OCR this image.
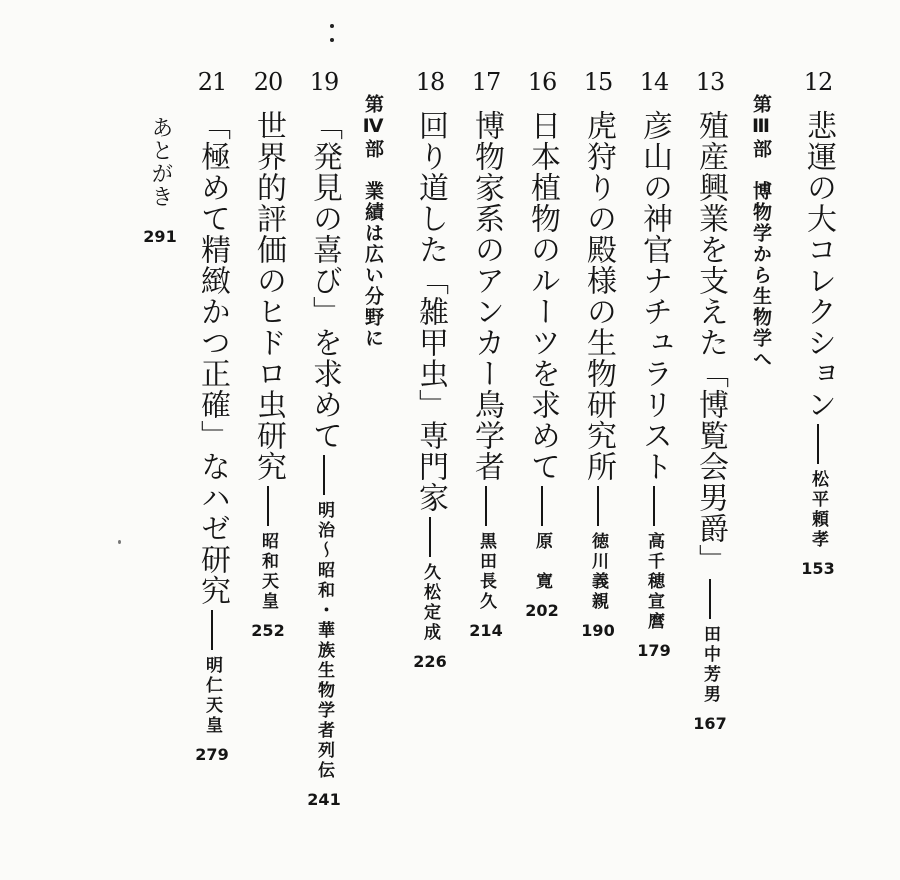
12
悲運の大コレクション
松平頼孝
153
第Ⅲ部　博物学から生物学へ
13
殖産興業を支えた「博覧会男爵」
田中芳男
167
14
彦山の神官ナチュラリスト
高千穂宣麿
179
15
虎狩りの殿様の生物研究所
徳川義親
190
16
日本植物のルーツを求めて
原　寛
202
17
博物家系のアンカー鳥学者
黒田長久
214
18
回り道した「雑甲虫」専門家
久松定成
226
第Ⅳ部　業績は広い分野に
19
「発見の喜び」を求めて
明治～昭和・華族生物学者列伝
241
20
世界的評価のヒドロ虫研究
昭和天皇
252
21
「極めて精緻かつ正確」なハゼ研究
明仁天皇
279
あとがき
291
